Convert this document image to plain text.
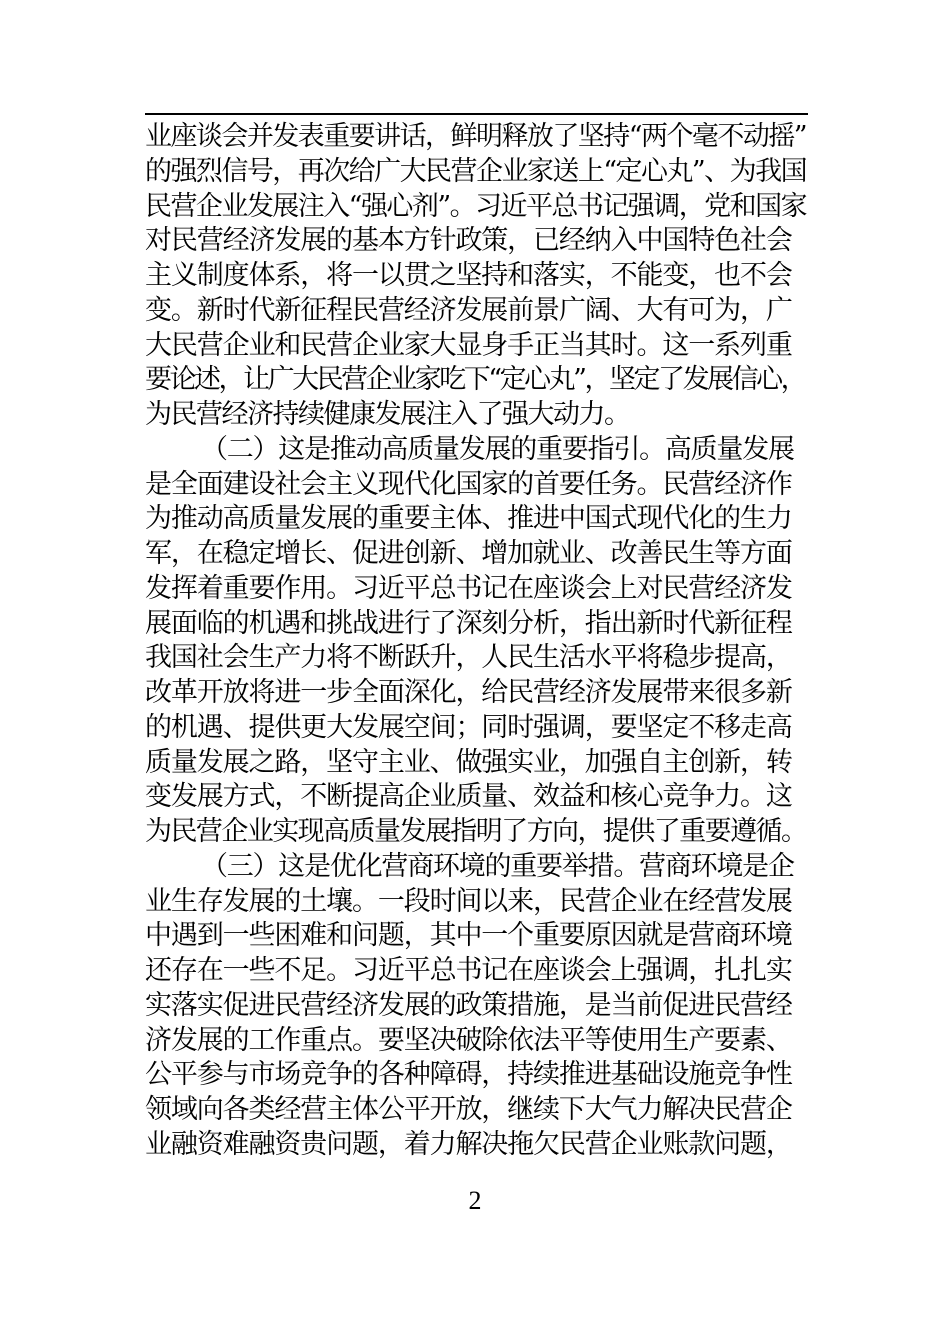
业座谈会并发表重要讲话，鲜明释放了坚持“两个毫不动摇”
的强烈信号，再次给广大民营企业家送上“定心丸”、为我国
民营企业发展注入“强心剂”。习近平总书记强调，党和国家
对民营经济发展的基本方针政策，已经纳入中国特色社会
主义制度体系，将一以贯之坚持和落实，不能变，也不会
变。新时代新征程民营经济发展前景广阔、大有可为，广
大民营企业和民营企业家大显身手正当其时。这一系列重
要论述，让广大民营企业家吃下“定心丸”，坚定了发展信心，
为民营经济持续健康发展注入了强大动力。
（二）这是推动高质量发展的重要指引。高质量发展
是全面建设社会主义现代化国家的首要任务。民营经济作
为推动高质量发展的重要主体、推进中国式现代化的生力
军，在稳定增长、促进创新、增加就业、改善民生等方面
发挥着重要作用。习近平总书记在座谈会上对民营经济发
展面临的机遇和挑战进行了深刻分析，指出新时代新征程
我国社会生产力将不断跃升，人民生活水平将稳步提高，
改革开放将进一步全面深化，给民营经济发展带来很多新
的机遇、提供更大发展空间；同时强调，要坚定不移走高
质量发展之路，坚守主业、做强实业，加强自主创新，转
变发展方式，不断提高企业质量、效益和核心竞争力。这
为民营企业实现高质量发展指明了方向，提供了重要遵循。
（三）这是优化营商环境的重要举措。营商环境是企
业生存发展的土壤。一段时间以来，民营企业在经营发展
中遇到一些困难和问题，其中一个重要原因就是营商环境
还存在一些不足。习近平总书记在座谈会上强调，扎扎实
实落实促进民营经济发展的政策措施，是当前促进民营经
济发展的工作重点。要坚决破除依法平等使用生产要素、
公平参与市场竞争的各种障碍，持续推进基础设施竞争性
领域向各类经营主体公平开放，继续下大气力解决民营企
业融资难融资贵问题，着力解决拖欠民营企业账款问题，
2
